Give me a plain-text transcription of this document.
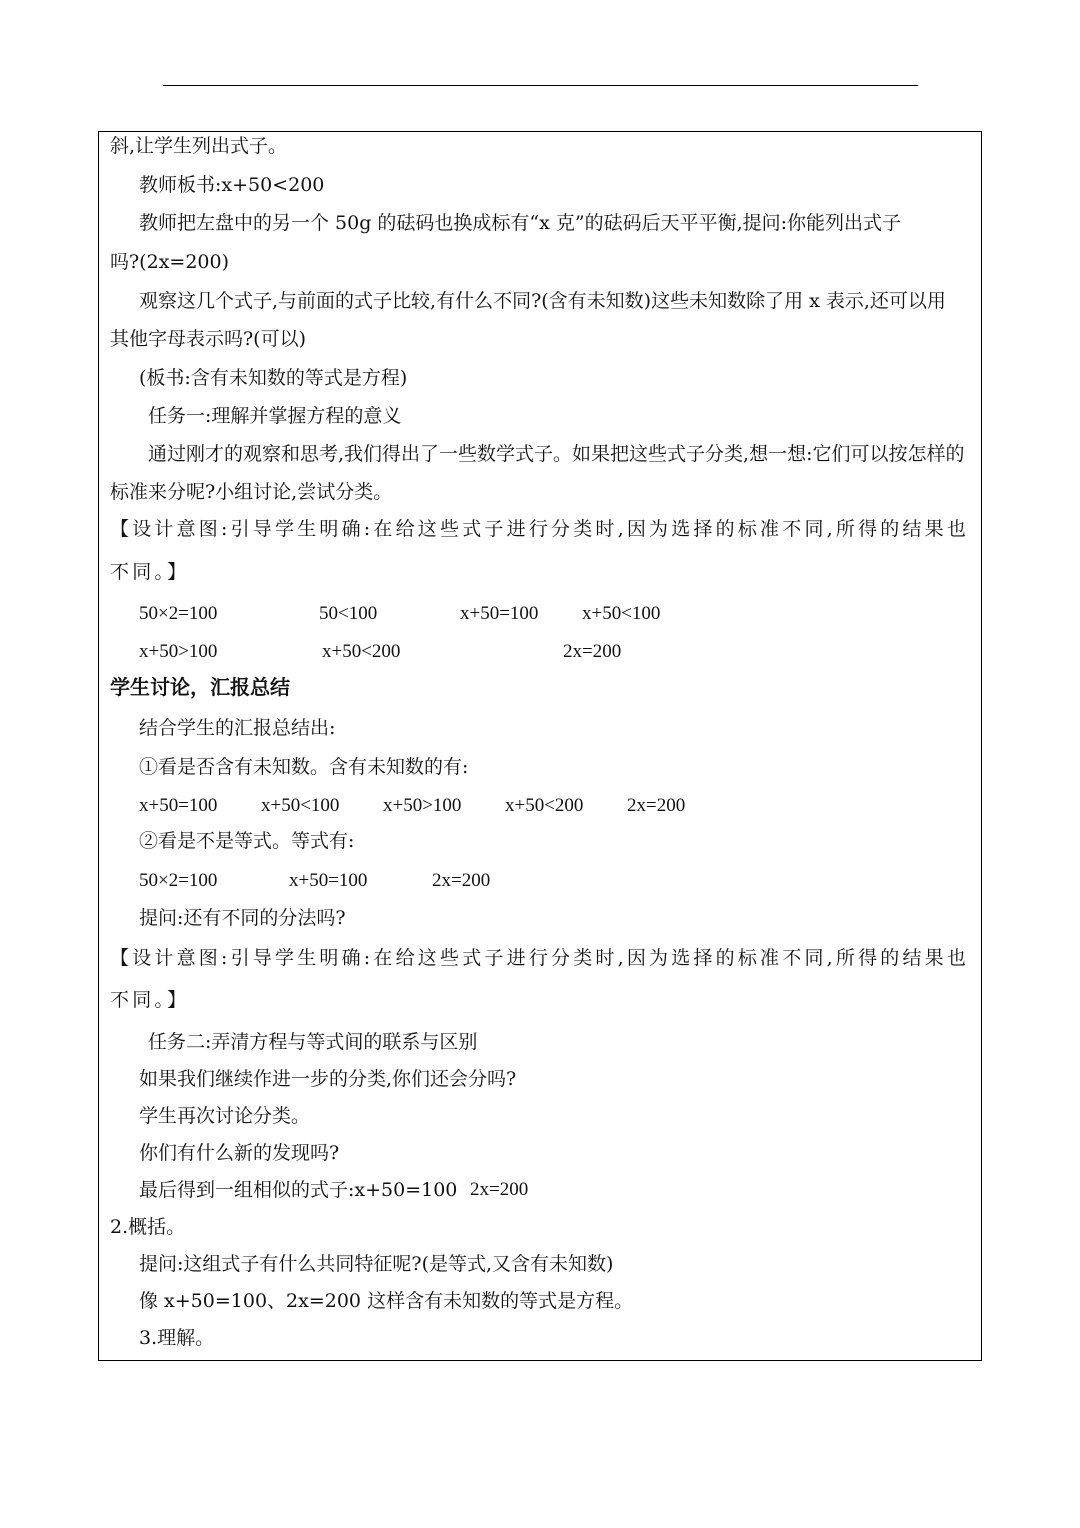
斜,让学生列出式子。
教师板书:x+50<200
教师把左盘中的另一个 50g 的砝码也换成标有“x 克”的砝码后天平平衡,提问:你能列出式子
吗?(2x=200)
观察这几个式子,与前面的式子比较,有什么不同?(含有未知数)这些未知数除了用 x 表示,还可以用
其他字母表示吗?(可以)
(板书:含有未知数的等式是方程)
任务一:理解并掌握方程的意义
通过刚才的观察和思考,我们得出了一些数学式子。如果把这些式子分类,想一想:它们可以按怎样的
标准来分呢?小组讨论,尝试分类。
【设计意图:引导学生明确:在给这些式子进行分类时,因为选择的标准不同,所得的结果也
不同。】
50×2=100	50<100	x+50=100 x+50<100
x+50>100	x+50<200	2x=200
学生讨论，汇报总结
结合学生的汇报总结出:
①看是否含有未知数。含有未知数的有:
x+50=100 x+50<100 x+50>100 x+50<200 2x=200
②看是不是等式。等式有:
50×2=100	x+50=100	2x=200
提问:还有不同的分法吗?
【设计意图:引导学生明确:在给这些式子进行分类时,因为选择的标准不同,所得的结果也
不同。】
任务二:弄清方程与等式间的联系与区别
如果我们继续作进一步的分类,你们还会分吗?
学生再次讨论分类。
你们有什么新的发现吗?
最后得到一组相似的式子:x+50=100 2x=200
2.概括。
提问:这组式子有什么共同特征呢?(是等式,又含有未知数)
像 x+50=100、2x=200 这样含有未知数的等式是方程。
3.理解。
